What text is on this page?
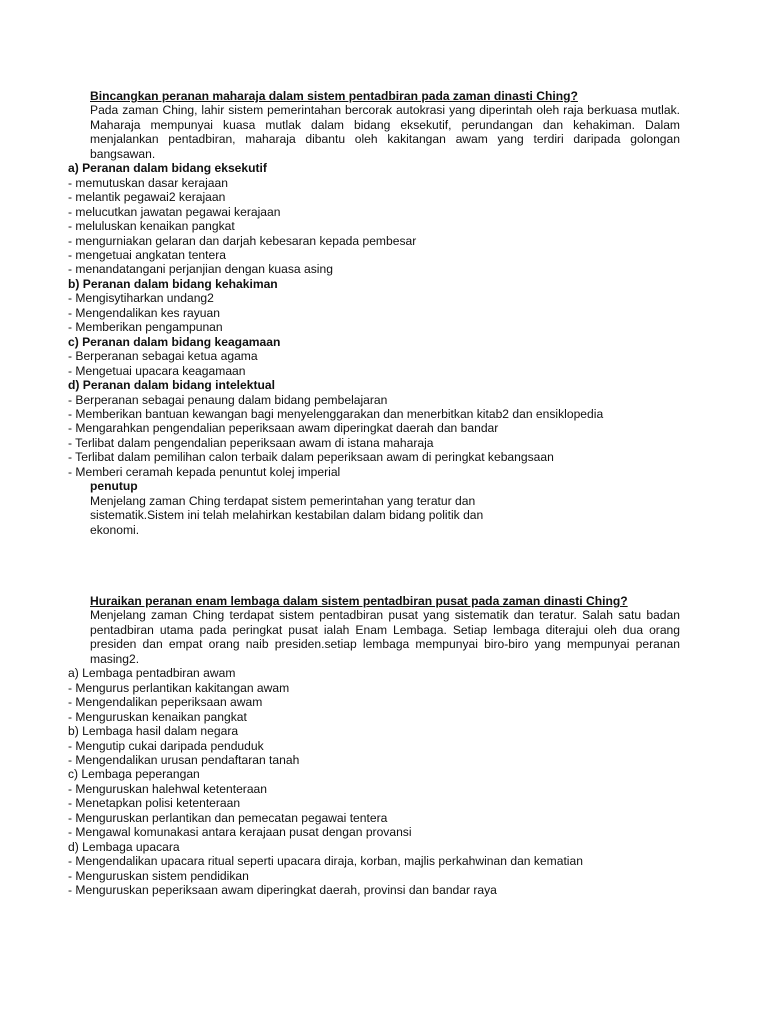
Bincangkan peranan maharaja dalam sistem pentadbiran pada zaman dinasti Ching?
Pada zaman Ching, lahir sistem pemerintahan bercorak autokrasi yang diperintah oleh raja berkuasa mutlak. Maharaja mempunyai kuasa mutlak dalam bidang eksekutif, perundangan dan kehakiman. Dalam menjalankan pentadbiran, maharaja dibantu oleh kakitangan awam yang terdiri daripada golongan bangsawan.
a) Peranan dalam bidang eksekutif
- memutuskan dasar kerajaan
- melantik pegawai2 kerajaan
- melucutkan jawatan pegawai kerajaan
- meluluskan kenaikan pangkat
- mengurniakan gelaran dan darjah kebesaran kepada pembesar
- mengetuai angkatan tentera
- menandatangani perjanjian dengan kuasa asing
b) Peranan dalam bidang kehakiman
- Mengisytiharkan undang2
- Mengendalikan kes rayuan
- Memberikan pengampunan
c) Peranan dalam bidang keagamaan
- Berperanan sebagai ketua agama
- Mengetuai upacara keagamaan
d) Peranan dalam bidang intelektual
- Berperanan sebagai penaung dalam bidang pembelajaran
- Memberikan bantuan kewangan bagi menyelenggarakan dan menerbitkan kitab2 dan ensiklopedia
- Mengarahkan pengendalian peperiksaan awam diperingkat daerah dan bandar
- Terlibat dalam pengendalian peperiksaan awam di istana maharaja
- Terlibat dalam pemilihan calon terbaik dalam peperiksaan awam di peringkat kebangsaan
- Memberi ceramah kepada penuntut kolej imperial
penutup
Menjelang zaman Ching terdapat sistem pemerintahan yang teratur dan sistematik.Sistem ini telah melahirkan kestabilan dalam bidang politik dan ekonomi.
Huraikan peranan enam lembaga dalam sistem pentadbiran pusat pada zaman dinasti Ching?
Menjelang zaman Ching terdapat sistem pentadbiran pusat yang sistematik dan teratur. Salah satu badan pentadbiran utama pada peringkat pusat ialah Enam Lembaga. Setiap lembaga diterajui oleh dua orang presiden dan empat orang naib presiden.setiap lembaga mempunyai biro-biro yang mempunyai peranan masing2.
a) Lembaga pentadbiran awam
- Mengurus perlantikan kakitangan awam
- Mengendalikan peperiksaan awam
- Menguruskan kenaikan pangkat
b) Lembaga hasil dalam negara
- Mengutip cukai daripada penduduk
- Mengendalikan urusan pendaftaran tanah
c) Lembaga peperangan
- Menguruskan halehwal ketenteraan
- Menetapkan polisi ketenteraan
- Menguruskan perlantikan dan pemecatan pegawai tentera
- Mengawal komunakasi antara kerajaan pusat dengan provansi
d) Lembaga upacara
- Mengendalikan upacara ritual seperti upacara diraja, korban, majlis perkahwinan dan kematian
- Menguruskan sistem pendidikan
- Menguruskan peperiksaan awam diperingkat daerah, provinsi dan bandar raya
